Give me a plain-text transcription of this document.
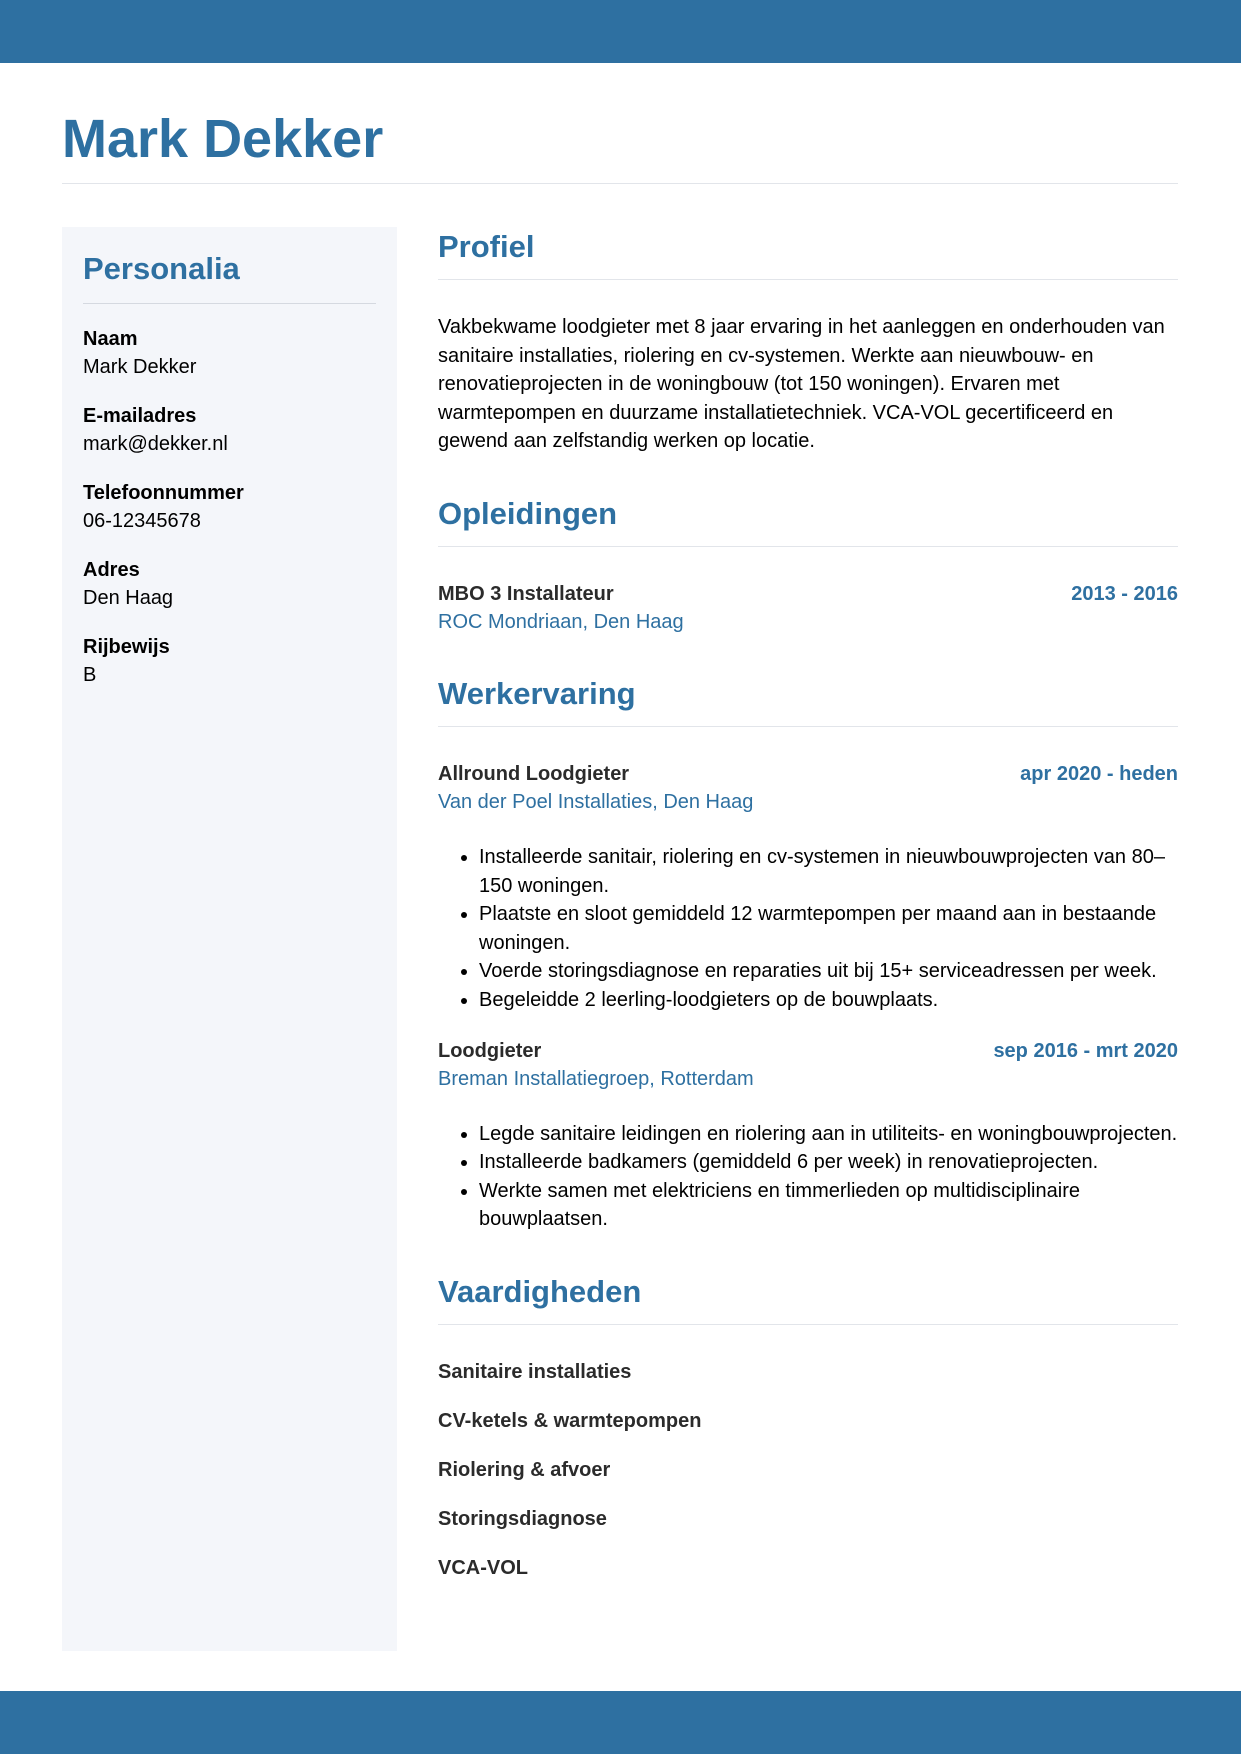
Mark Dekker
Personalia
Naam
Mark Dekker
E-mailadres
mark@dekker.nl
Telefoonnummer
06-12345678
Adres
Den Haag
Rijbewijs
B
Profiel

Vakbekwame loodgieter met 8 jaar ervaring in het aanleggen en onderhouden van sanitaire installaties, riolering en cv-systemen. Werkte aan nieuwbouw- en renovatieprojecten in de woningbouw (tot 150 woningen). Ervaren met warmtepompen en duurzame installatietechniek. VCA-VOL gecertificeerd en gewend aan zelfstandig werken op locatie.

Opleidingen
MBO 3 Installateur	2013 - 2016
ROC Mondriaan, Den Haag
Werkervaring
Allround Loodgieter	apr 2020 - heden
Van der Poel Installaties, Den Haag
• Installeerde sanitair, riolering en cv-systemen in nieuwbouwprojecten van 80–150 woningen.
• Plaatste en sloot gemiddeld 12 warmtepompen per maand aan in bestaande woningen.
• Voerde storingsdiagnose en reparaties uit bij 15+ serviceadressen per week.
• Begeleidde 2 leerling-loodgieters op de bouwplaats.
Loodgieter	sep 2016 - mrt 2020
Breman Installatiegroep, Rotterdam
• Legde sanitaire leidingen en riolering aan in utiliteits- en woningbouwprojecten.
• Installeerde badkamers (gemiddeld 6 per week) in renovatieprojecten.
• Werkte samen met elektriciens en timmerlieden op multidisciplinaire bouwplaatsen.
Vaardigheden
Sanitaire installaties
CV-ketels & warmtepompen
Riolering & afvoer
Storingsdiagnose
VCA-VOL
